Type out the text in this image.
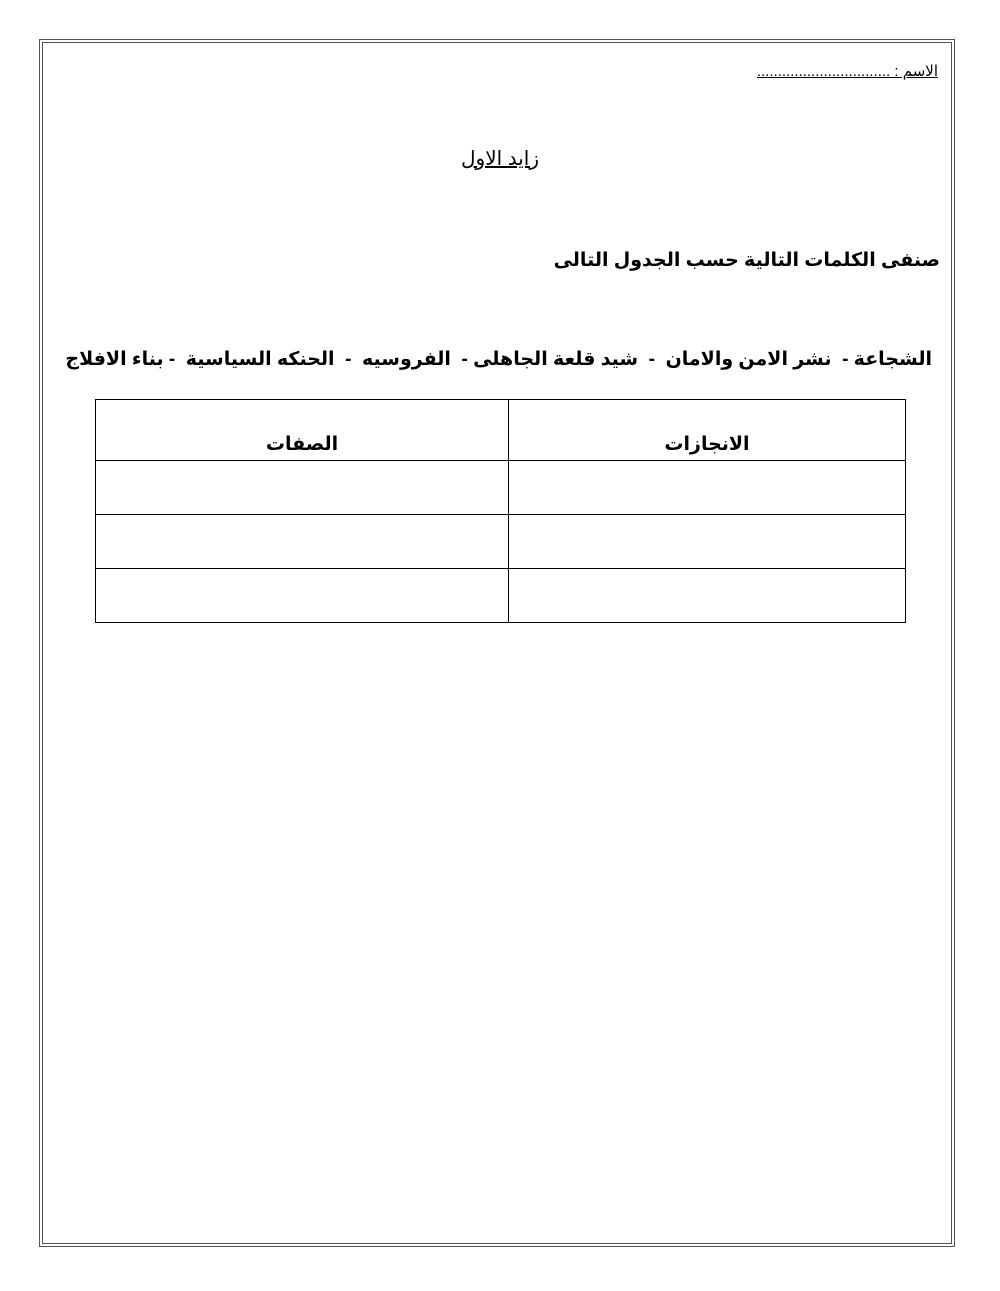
الاسم : ................................
زايد الاول
صنفى الكلمات التالية حسب الجدول التالى
الشجاعة -  نشر الامن والامان  -  شيد قلعة الجاهلى -  الفروسيه  -  الحنكه السياسية  - بناء الافلاج
الانجازات	الصفات
